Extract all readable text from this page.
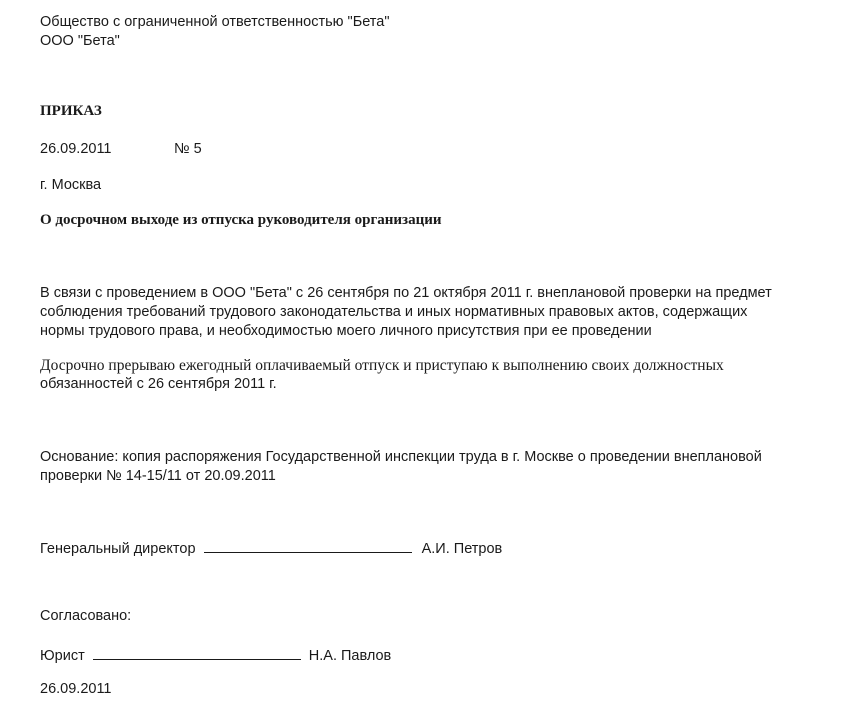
Общество с ограниченной ответственностью "Бета"
ООО "Бета"
ПРИКАЗ
26.09.2011	№ 5
г. Москва
О досрочном выходе из отпуска руководителя организации
В связи с проведением в ООО "Бета" с 26 сентября по 21 октября 2011 г. внеплановой проверки на предмет
соблюдения требований трудового законодательства и иных нормативных правовых актов, содержащих
нормы трудового права, и необходимостью моего личного присутствия при ее проведении
Досрочно прерываю ежегодный оплачиваемый отпуск и приступаю к выполнению своих должностных
обязанностей с 26 сентября 2011 г.
Основание: копия распоряжения Государственной инспекции труда в г. Москве о проведении внеплановой
проверки № 14-15/11 от 20.09.2011
Генеральный директор	А.И. Петров
Согласовано:
Юрист	Н.А. Павлов
26.09.2011
